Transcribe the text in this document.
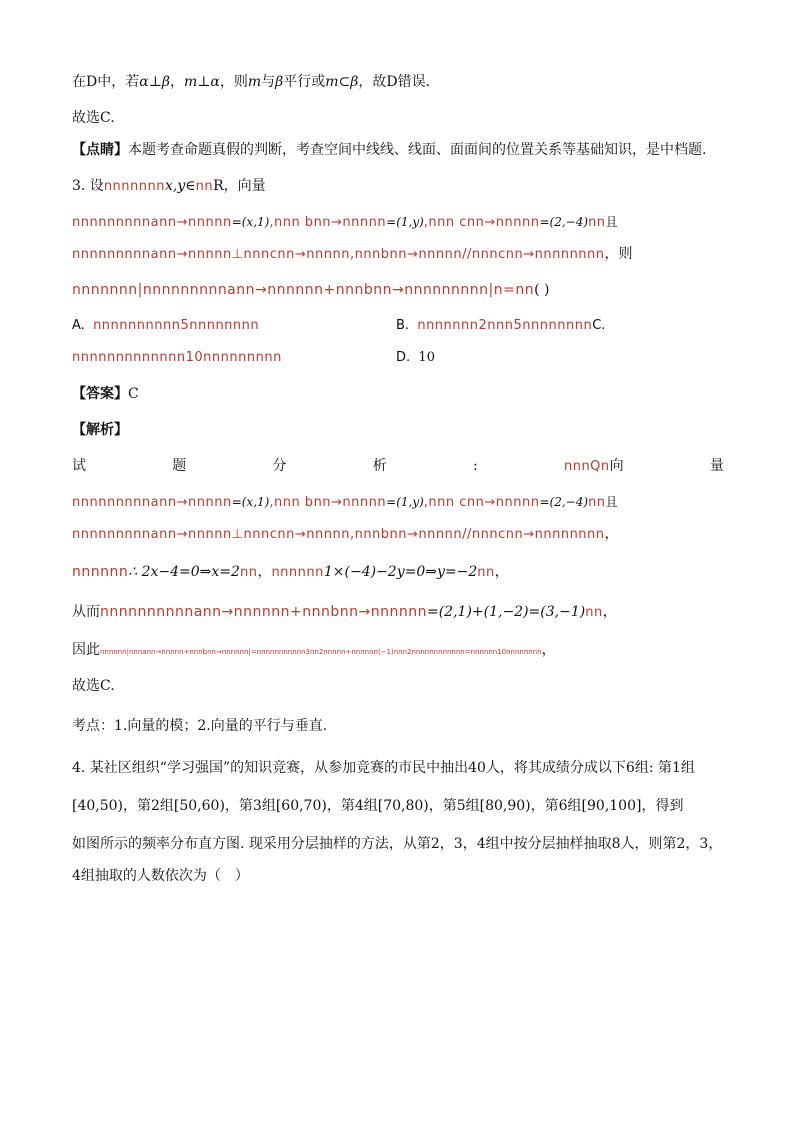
在D中，若α⊥β，m⊥α，则m与β平行或m⊂β，故D错误.
故选C.
【点睛】本题考查命题真假的判断，考查空间中线线、线面、面面间的位置关系等基础知识，是中档题.
3. 设nnnnnnnx,y∈nnR，向量
nnnnnnnnnann→nnnnn=(x,1),nnn bnn→nnnnn=(1,y),nnn cnn→nnnnn=(2,−4)nn且
nnnnnnnnnann→nnnnn⊥nnncnn→nnnnn,nnnbnn→nnnnn//nnncnn→nnnnnnnn，则
nnnnnnn|nnnnnnnnnann→nnnnnn+nnnbnn→nnnnnnnnn|n=nn( )
A. nnnnnnnnnn5nnnnnnnn	B. nnnnnnn2nnn5nnnnnnnnC.
nnnnnnnnnnnnn10nnnnnnnnn	D. 10
【答案】C
【解析】
试	题	分	析	:	nnnQn向	量
nnnnnnnnnann→nnnnn=(x,1),nnn bnn→nnnnn=(1,y),nnn cnn→nnnnn=(2,−4)nn且
nnnnnnnnnann→nnnnn⊥nnncnn→nnnnn,nnnbnn→nnnnn//nnncnn→nnnnnnnn，
nnnnnn∴ 2x−4=0⇒x=2nn，nnnnnn1×(−4)−2y=0⇒y=−2nn，
从而nnnnnnnnnnann→nnnnnn+nnnbnn→nnnnnn=(2,1)+(1,−2)=(3,−1)nn，
因此nnnnnn|nnnann→nnnnn+nnnbnn→nnnnnn|=nnnnnnnnnnn3nn2nnnnn+nnnnnn(−1)nnn2nnnnnnnnnnnn=nnnnnn10nnnnnnnn，
故选C.
考点：1.向量的模；2.向量的平行与垂直.
4. 某社区组织“学习强国”的知识竞赛，从参加竞赛的市民中抽出40人，将其成绩分成以下6组: 第1组
[40,50)，第2组[50,60)，第3组[60,70)，第4组[70,80)，第5组[80,90)，第6组[90,100]，得到
如图所示的频率分布直方图. 现采用分层抽样的方法，从第2，3，4组中按分层抽样抽取8人，则第2，3，
4组抽取的人数依次为（　）
